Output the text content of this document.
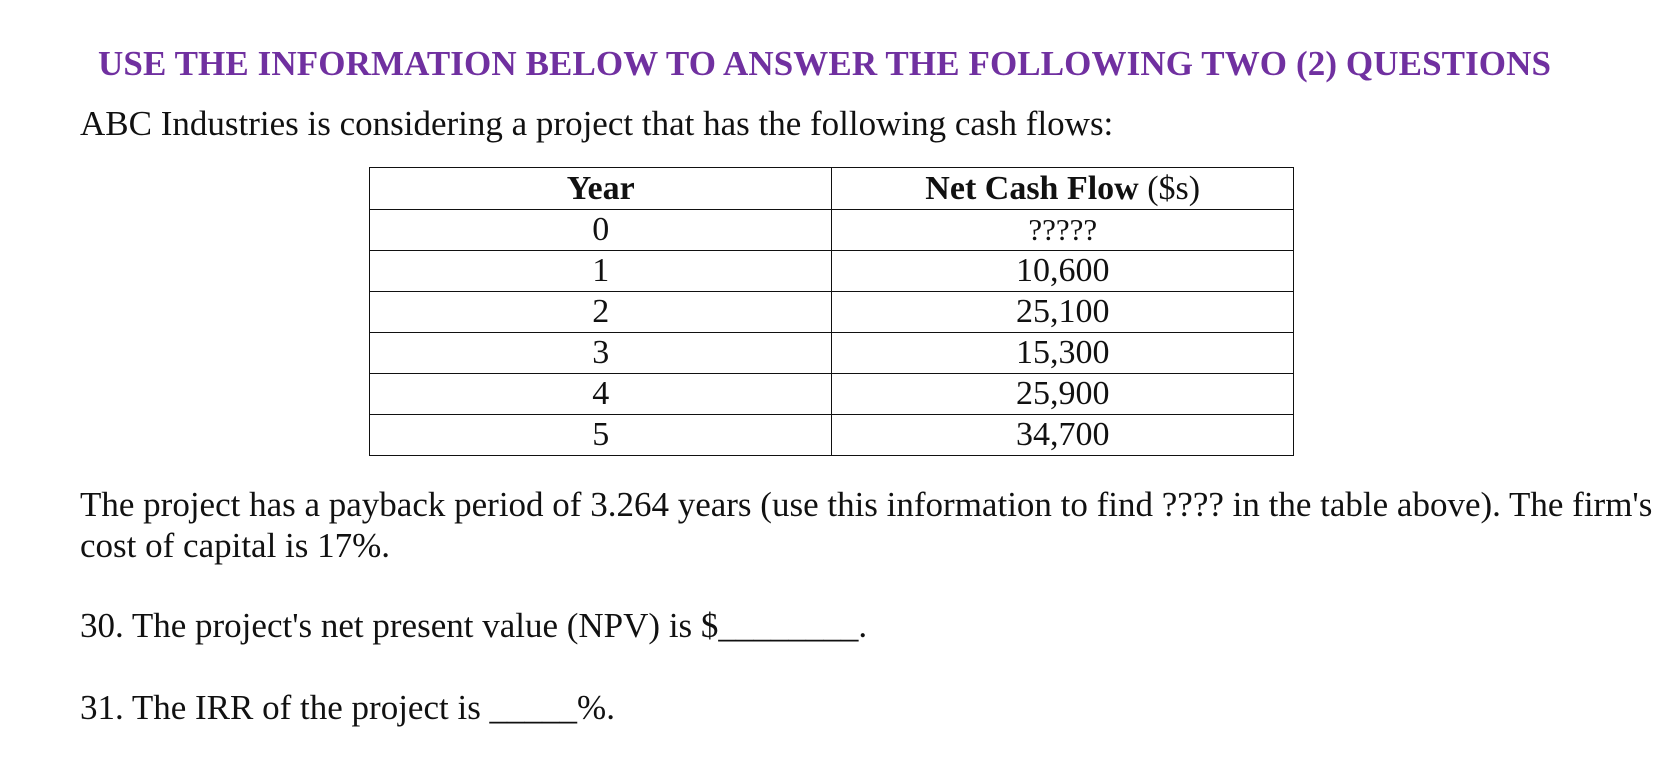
USE THE INFORMATION BELOW TO ANSWER THE FOLLOWING TWO (2) QUESTIONS
ABC Industries is considering a project that has the following cash flows:
Year	Net Cash Flow ($s)
0	?????
1	10,600
2	25,100
3	15,300
4	25,900
5	34,700
The project has a payback period of 3.264 years (use this information to find ???? in the table above). The firm's cost of capital is 17%.
30. The project's net present value (NPV) is $________.
31. The IRR of the project is _____%.
